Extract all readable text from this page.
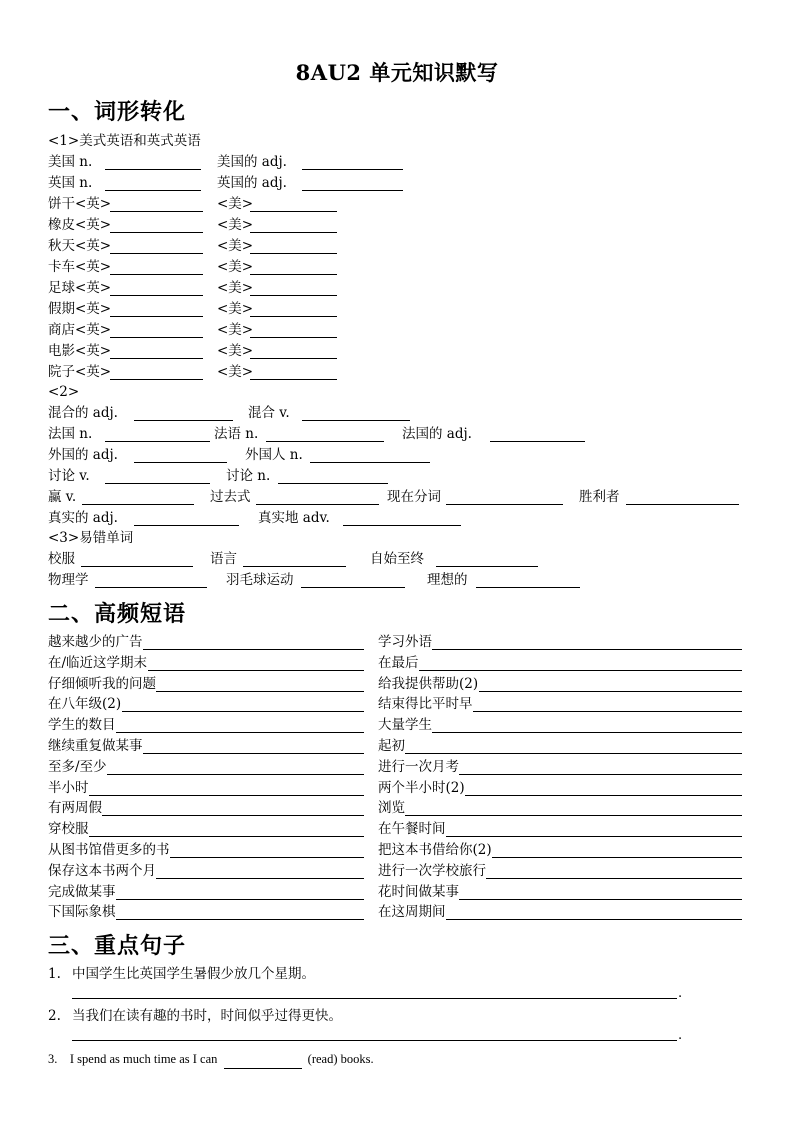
8AU2 单元知识默写
一、词形转化
<1>美式英语和英式英语
美国 n.	美国的 adj.
英国 n.	英国的 adj.
饼干<英>	<美>
橡皮<英>	<美>
秋天<英>	<美>
卡车<英>	<美>
足球<英>	<美>
假期<英>	<美>
商店<英>	<美>
电影<英>	<美>
院子<英>	<美>
混合的 adj.	混合 v.
法国 n.	法语 n.	法国的 adj.
外国的 adj.	外国人 n.
讨论 v.	讨论 n.
赢 v.	过去式	现在分词	胜利者
真实的 adj.	真实地 adv.
校服	语言	自始至终
物理学	羽毛球运动	理想的
<2>
<3>易错单词
二、高频短语
越来越少的广告	学习外语
在/临近这学期末	在最后
仔细倾听我的问题	给我提供帮助(2)
在八年级(2)	结束得比平时早
学生的数目	大量学生
继续重复做某事	起初
至多/至少	进行一次月考
半小时	两个半小时(2)
有两周假	浏览
穿校服	在午餐时间
从图书馆借更多的书	把这本书借给你(2)
保存这本书两个月	进行一次学校旅行
完成做某事	花时间做某事
下国际象棋	在这周期间
三、重点句子
1. 中国学生比英国学生暑假少放几个星期。
.
2. 当我们在读有趣的书时，时间似乎过得更快。
.
3. I spend as much time as I can	(read) books.
